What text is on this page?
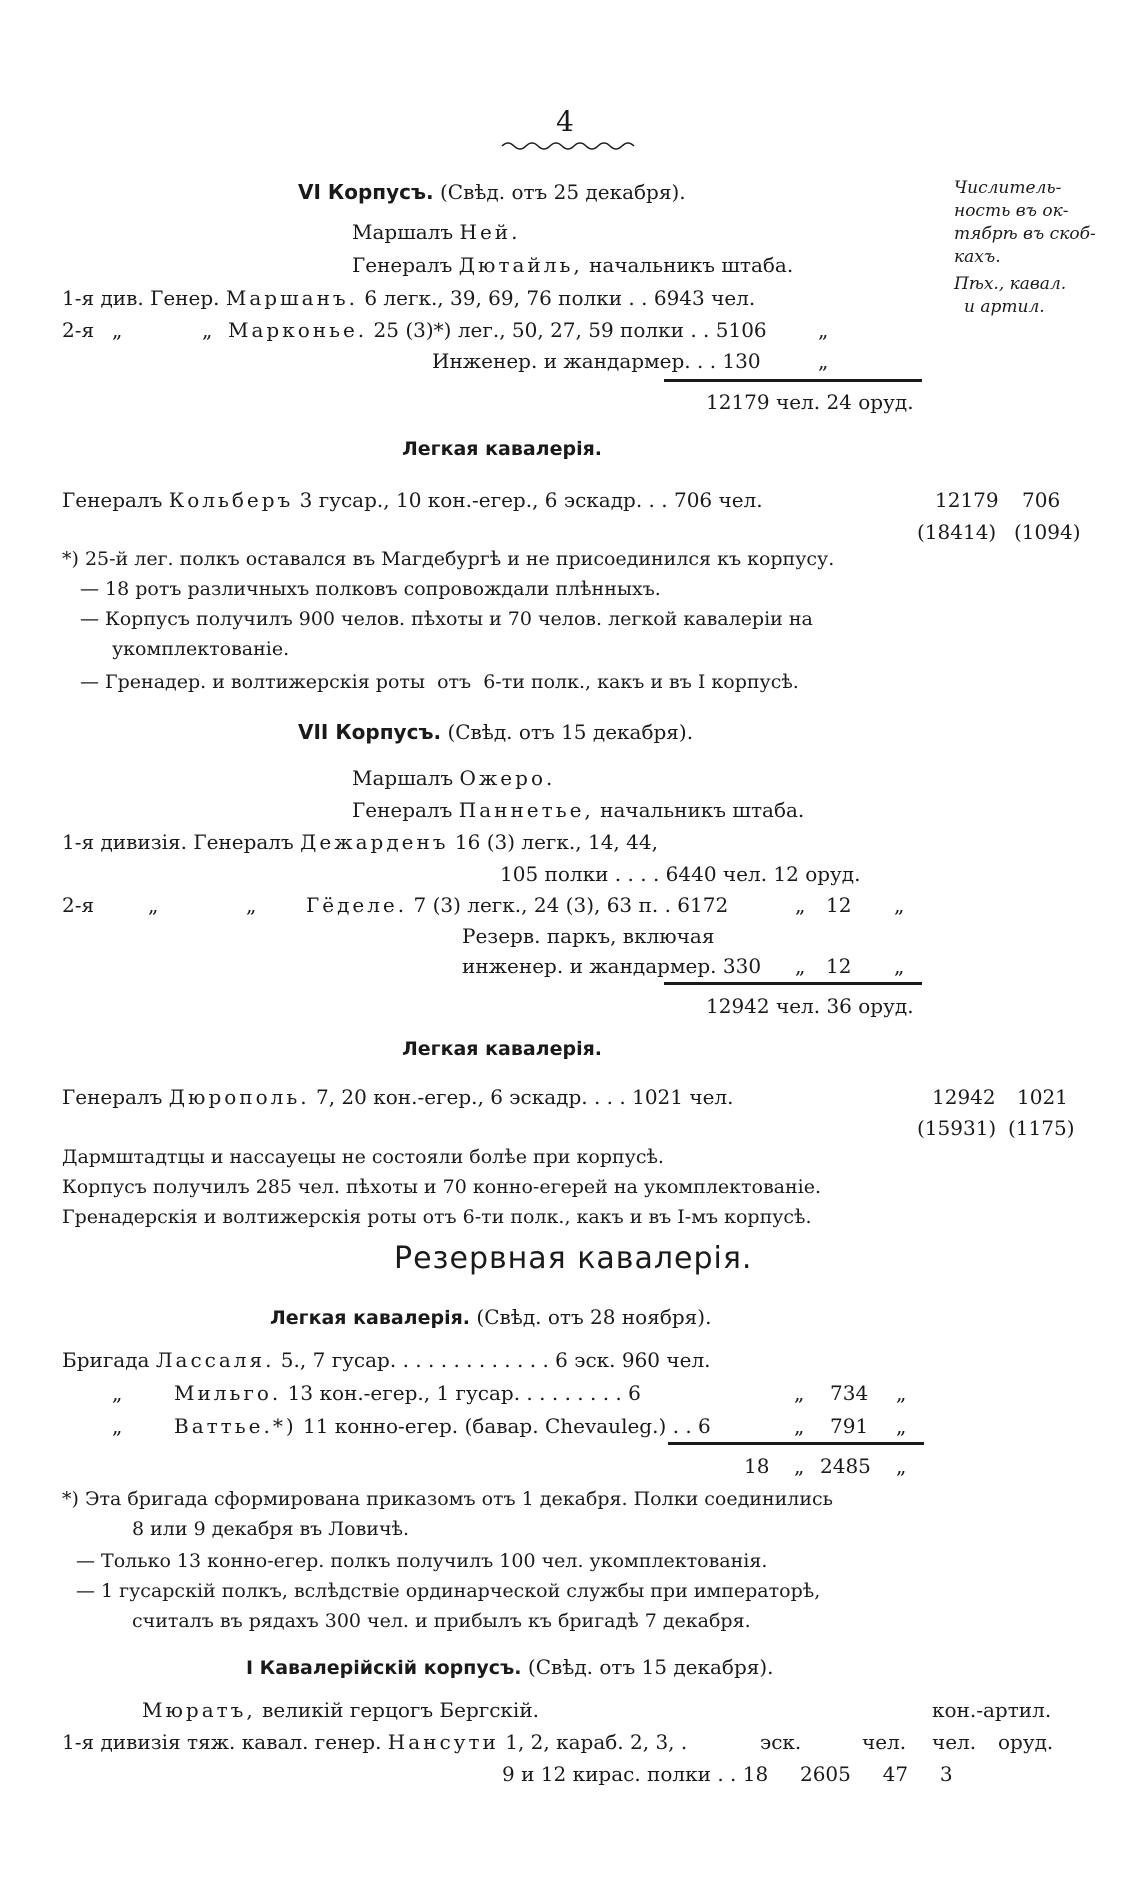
4
VI Корпусъ. (Свѣд. отъ 25 декабря).	Числитель-
ность въ ок-
тябрѣ въ скоб-
кахъ.
Пѣх., кавал.
и артил.
Маршалъ Ней.
Генералъ Дютайль, начальникъ штаба.
1-я див. Генер. Маршанъ. 6 легк., 39, 69, 76 полки . . 6943 чел.
2-я „	„ Марконье. 25 (3)*) лег., 50, 27, 59 полки . . 5106	„
Инженер. и жандармер. . . 130	„
12179 чел. 24 оруд.
Легкая кавалерія.
Генералъ Кольберъ 3 гусар., 10 кон.-егер., 6 эскадр. . . 706 чел.	12179 706
(18414) (1094)
*) 25-й лег. полкъ оставался въ Магдебургѣ и не присоединился къ корпусу.
— 18 ротъ различныхъ полковъ сопровождали плѣнныхъ.
— Корпусъ получилъ 900 челов. пѣхоты и 70 челов. легкой кавалеріи на
укомплектованіе.
— Гренадер. и волтижерскія роты  отъ  6-ти полк., какъ и въ I корпусѣ.
VII Корпусъ. (Свѣд. отъ 15 декабря).
Маршалъ Ожеро.
Генералъ Паннетье, начальникъ штаба.
1-я дивизія. Генералъ Дежарденъ 16 (3) легк., 14, 44,
105 полки . . . . 6440 чел. 12 оруд.
2-я	„	„ Гёделе. 7 (3) легк., 24 (3), 63 п. . 6172	„ 12 „
Резерв. паркъ, включая
инженер. и жандармер. 330 „ 12 „
12942 чел. 36 оруд.
Легкая кавалерія.
Генералъ Дюрополь. 7, 20 кон.-егер., 6 эскадр. . . . 1021 чел.	12942 1021
(15931) (1175)
Дармштадтцы и нассауецы не состояли болѣе при корпусѣ.
Корпусъ получилъ 285 чел. пѣхоты и 70 конно-егерей на укомплектованіе.
Гренадерскія и волтижерскія роты отъ 6-ти полк., какъ и въ I-мъ корпусѣ.
Резервная кавалерія.
Легкая кавалерія. (Свѣд. отъ 28 ноября).
Бригада Лассаля. 5., 7 гусар. . . . . . . . . . . . . 6 эск. 960 чел.
„	Мильго. 13 кон.-егер., 1 гусар. . . . . . . . . 6	„ 734 „
„	Ваттье.*) 11 конно-егер. (бавар. Chevauleg.) . . 6	„ 791 „
18 „ 2485 „
*) Эта бригада сформирована приказомъ отъ 1 декабря. Полки соединились
8 или 9 декабря въ Ловичѣ.
— Только 13 конно-егер. полкъ получилъ 100 чел. укомплектованія.
— 1 гусарскій полкъ, вслѣдствіе ординарческой службы при императорѣ,
считалъ въ рядахъ 300 чел. и прибылъ къ бригадѣ 7 декабря.
I Кавалерійскій корпусъ. (Свѣд. отъ 15 декабря).
Мюратъ, великій герцогъ Бергскій.	кон.-артил.
1-я дивизія тяж. кавал. генер. Нансути 1, 2, караб. 2, 3, .	эск.	чел. чел. оруд.
9 и 12 кирас. полки . . 18     2605     47     3
